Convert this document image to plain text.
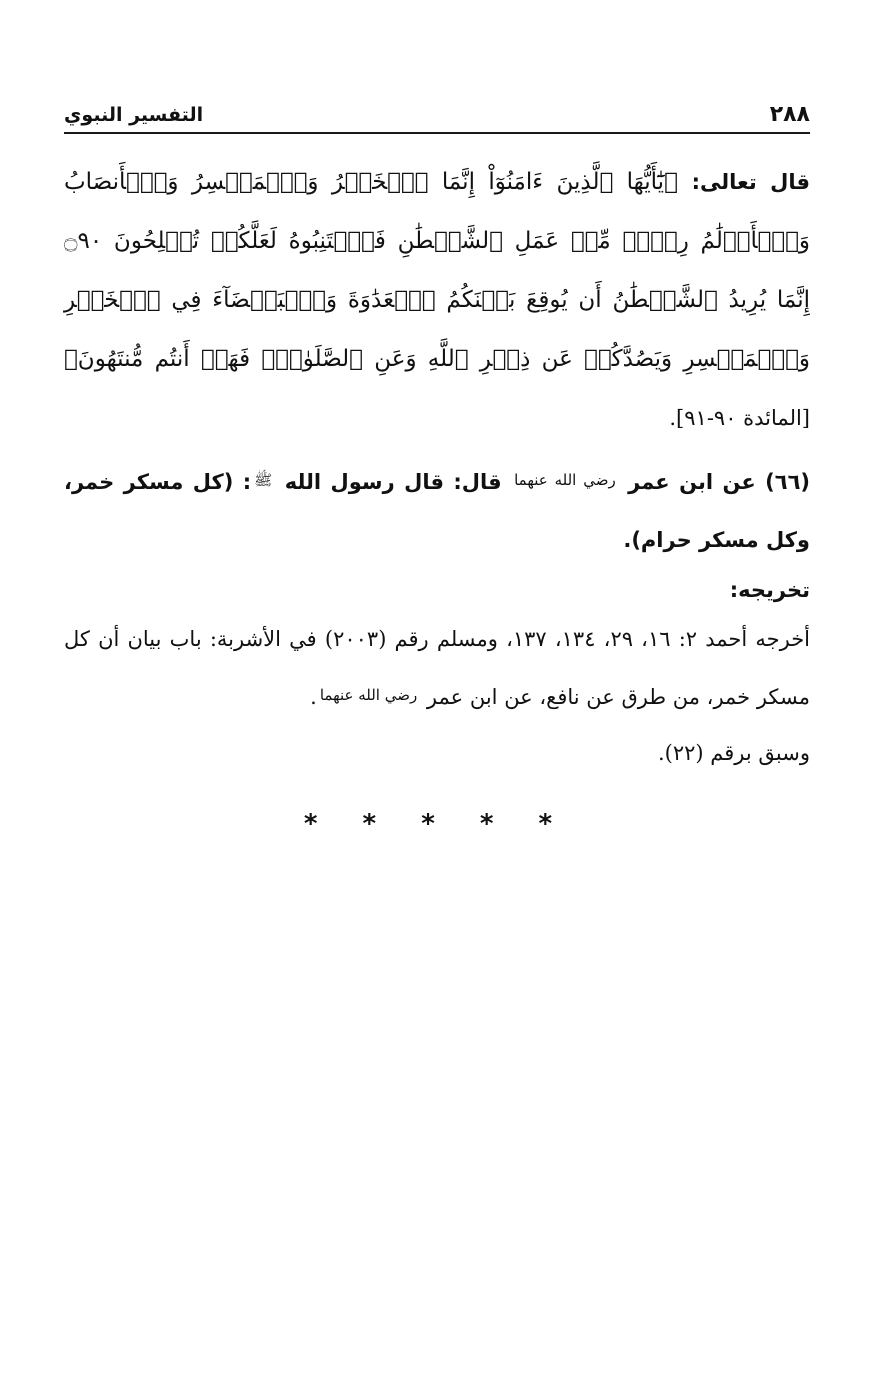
٢٨٨
التفسير النبوي

قال تعالى: ﴿يَٰٓأَيُّهَا ٱلَّذِينَ ءَامَنُوٓاْ إِنَّمَا ٱلۡخَمۡرُ وَٱلۡمَيۡسِرُ وَٱلۡأَنصَابُ وَٱلۡأَزۡلَٰمُ رِجۡسٞ مِّنۡ عَمَلِ ٱلشَّيۡطَٰنِ فَٱجۡتَنِبُوهُ لَعَلَّكُمۡ تُفۡلِحُونَ ۝٩٠ إِنَّمَا يُرِيدُ ٱلشَّيۡطَٰنُ أَن يُوقِعَ بَيۡنَكُمُ ٱلۡعَدَٰوَةَ وَٱلۡبَغۡضَآءَ فِي ٱلۡخَمۡرِ وَٱلۡمَيۡسِرِ وَيَصُدَّكُمۡ عَن ذِكۡرِ ٱللَّهِ وَعَنِ ٱلصَّلَوٰةِۖ فَهَلۡ أَنتُم مُّنتَهُونَ﴾ [المائدة ٩٠-٩١].

(٦٦) عن ابن عمر رضي الله عنهما قال: قال رسول الله ﷺ: (كل مسكر خمر، وكل مسكر حرام).

تخريجه:

أخرجه أحمد ٢: ١٦، ٢٩، ١٣٤، ١٣٧، ومسلم رقم (٢٠٠٣) في الأشربة: باب بيان أن كل مسكر خمر، من طرق عن نافع، عن ابن عمر رضي الله عنهما.

وسبق برقم (٢٢).

* * * * *
